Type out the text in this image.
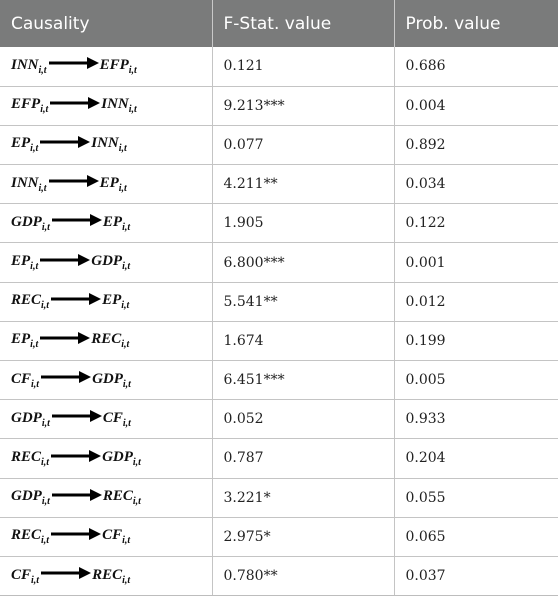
Causality	F-Stat. value	Prob. value
$INN_{i,t}$ $EFP_{i,t}$	0.121	0.686
$EFP_{i,t}$ $INN_{i,t}$	9.213***	0.004
$EP_{i,t}$ $INN_{i,t}$	0.077	0.892
$INN_{i,t}$ $EP_{i,t}$	4.211**	0.034
$GDP_{i,t}$ $EP_{i,t}$	1.905	0.122
$EP_{i,t}$ $GDP_{i,t}$	6.800***	0.001
$REC_{i,t}$ $EP_{i,t}$	5.541**	0.012
$EP_{i,t}$ $REC_{i,t}$	1.674	0.199
$CF_{i,t}$ $GDP_{i,t}$	6.451***	0.005
$GDP_{i,t}$ $CF_{i,t}$	0.052	0.933
$REC_{i,t}$ $GDP_{i,t}$	0.787	0.204
$GDP_{i,t}$ $REC_{i,t}$	3.221*	0.055
$REC_{i,t}$ $CF_{i,t}$	2.975*	0.065
$CF_{i,t}$ $REC_{i,t}$	0.780**	0.037
